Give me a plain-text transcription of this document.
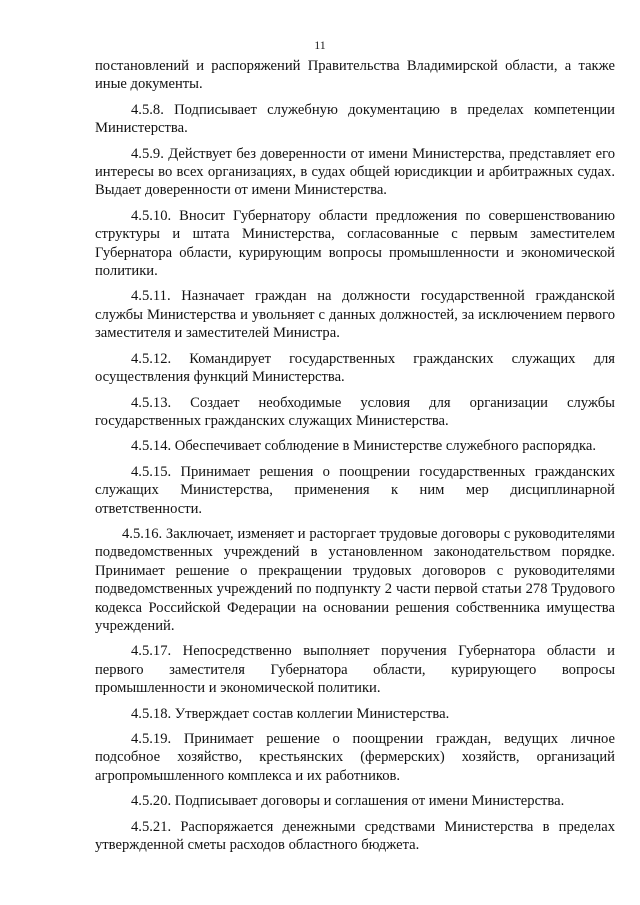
11

постановлений и распоряжений Правительства Владимирской области, а также иные документы.

4.5.8. Подписывает служебную документацию в пределах компетенции Министерства.

4.5.9. Действует без доверенности от имени Министерства, представляет его интересы во всех организациях, в судах общей юрисдикции и арбитражных судах. Выдает доверенности от имени Министерства.

4.5.10. Вносит Губернатору области предложения по совершенствованию структуры и штата Министерства, согласованные с первым заместителем Губернатора области, курирующим вопросы промышленности и экономической политики.

4.5.11. Назначает граждан на должности государственной гражданской службы Министерства и увольняет с данных должностей, за исключением первого заместителя и заместителей Министра.

4.5.12. Командирует государственных гражданских служащих для осуществления функций Министерства.

4.5.13. Создает необходимые условия для организации службы государственных гражданских служащих Министерства.

4.5.14. Обеспечивает соблюдение в Министерстве служебного распорядка.

4.5.15. Принимает решения о поощрении государственных гражданских служащих Министерства, применения к ним мер дисциплинарной ответственности.

4.5.16. Заключает, изменяет и расторгает трудовые договоры с руководителями подведомственных учреждений в установленном законодательством порядке. Принимает решение о прекращении трудовых договоров с руководителями подведомственных учреждений по подпункту 2 части первой статьи 278 Трудового кодекса Российской Федерации на основании решения собственника имущества учреждений.

4.5.17. Непосредственно выполняет поручения Губернатора области и первого заместителя Губернатора области, курирующего вопросы промышленности и экономической политики.

4.5.18. Утверждает состав коллегии Министерства.

4.5.19. Принимает решение о поощрении граждан, ведущих личное подсобное хозяйство, крестьянских (фермерских) хозяйств, организаций агропромышленного комплекса и их работников.

4.5.20. Подписывает договоры и соглашения от имени Министерства.

4.5.21. Распоряжается денежными средствами Министерства в пределах утвержденной сметы расходов областного бюджета.
